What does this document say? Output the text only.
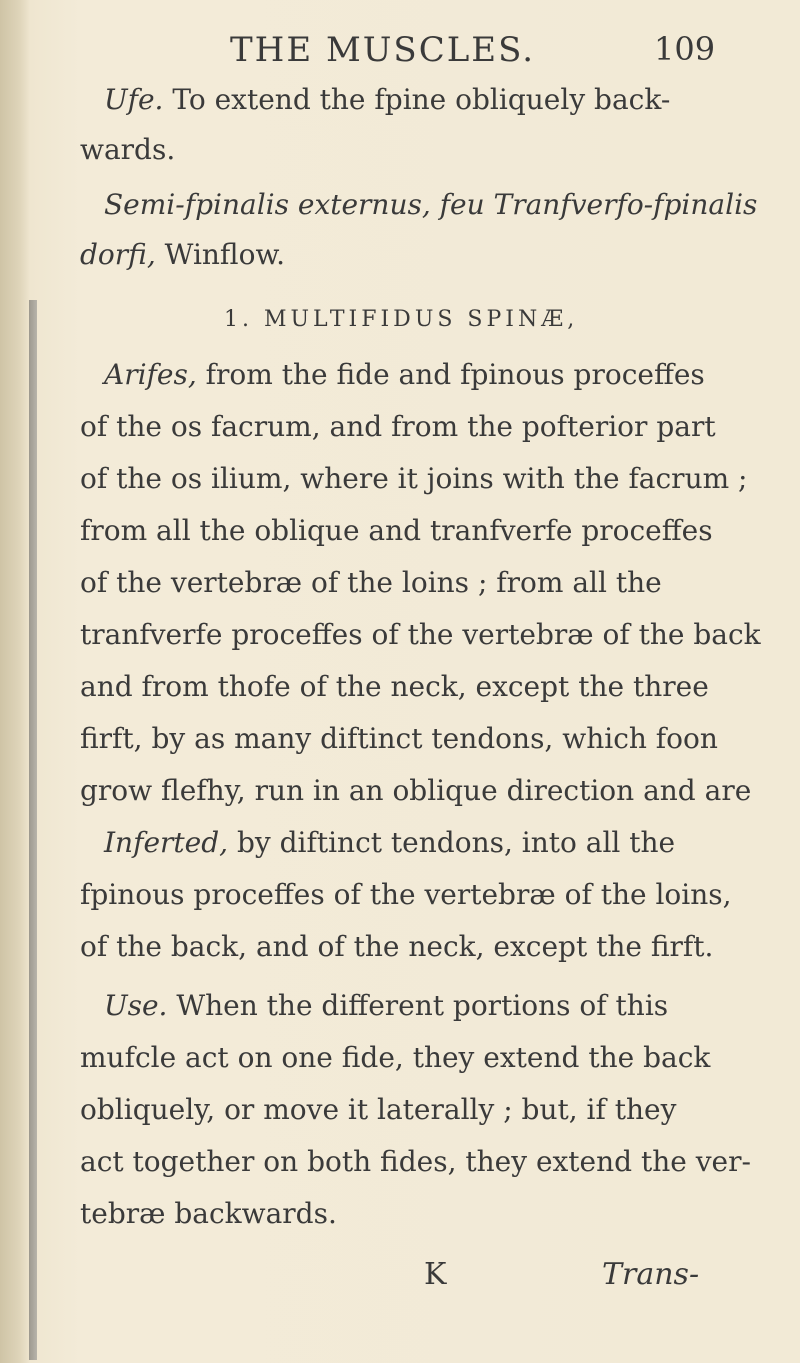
THE MUSCLES.	109
Ufe. To extend the fpine obliquely back-
wards.
Semi-fpinalis externus, feu Tranfverfo-fpinalis
dorfi, Winflow.
1. MULTIFIDUS SPINÆ,
Arifes, from the fide and fpinous proceffes
of the os facrum, and from the pofterior part
of the os ilium, where it joins with the facrum ;
from all the oblique and tranfverfe proceffes
of the vertebræ of the loins ; from all the
tranfverfe proceffes of the vertebræ of the back
and from thofe of the neck, except the three
firft, by as many diftinct tendons, which foon
grow flefhy, run in an oblique direction and are
Inferted, by diftinct tendons, into all the
fpinous proceffes of the vertebræ of the loins,
of the back, and of the neck, except the firft.
Use. When the different portions of this
mufcle act on one fide, they extend the back
obliquely, or move it laterally ; but, if they
act together on both fides, they extend the ver-
tebræ backwards.
K	Trans-
